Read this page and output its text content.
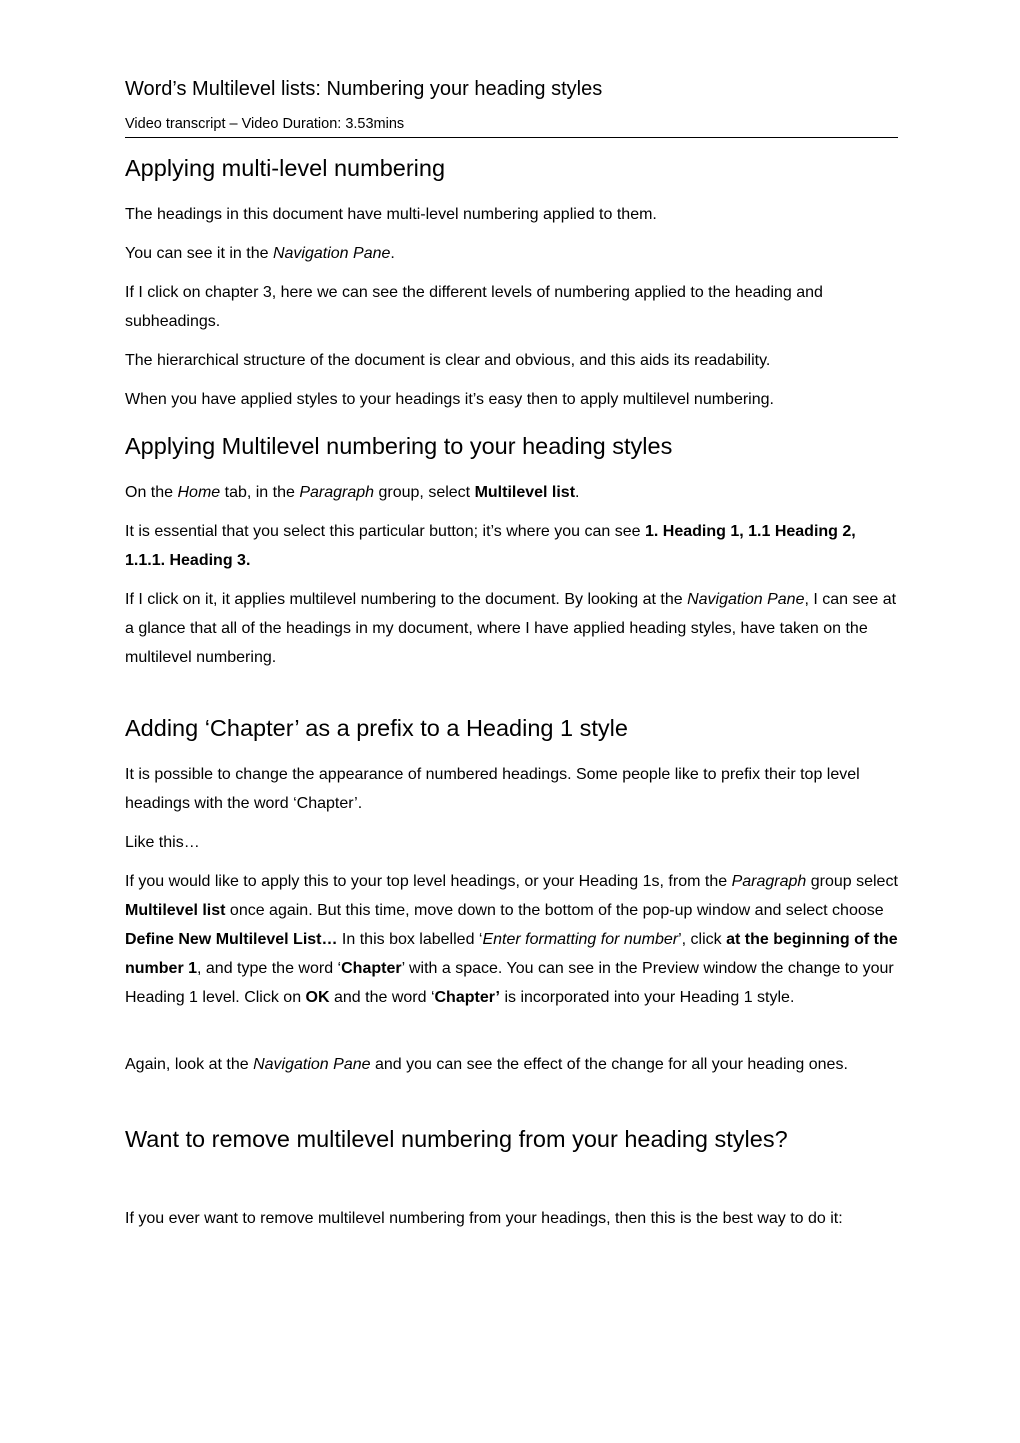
Word’s Multilevel lists: Numbering your heading styles
Video transcript – Video Duration: 3.53mins
Applying multi-level numbering

The headings in this document have multi-level numbering applied to them.

You can see it in the Navigation Pane.

If I click on chapter 3, here we can see the different levels of numbering applied to the heading and subheadings.

The hierarchical structure of the document is clear and obvious, and this aids its readability.

When you have applied styles to your headings it’s easy then to apply multilevel numbering.

Applying Multilevel numbering to your heading styles

On the Home tab, in the Paragraph group, select Multilevel list.

It is essential that you select this particular button; it’s where you can see 1. Heading 1, 1.1 Heading 2, 1.1.1. Heading 3.

If I click on it, it applies multilevel numbering to the document. By looking at the Navigation Pane, I can see at a glance that all of the headings in my document, where I have applied heading styles, have taken on the multilevel numbering.

Adding ‘Chapter’ as a prefix to a Heading 1 style

It is possible to change the appearance of numbered headings. Some people like to prefix their top level headings with the word ‘Chapter’.

Like this…

If you would like to apply this to your top level headings, or your Heading 1s, from the Paragraph group select Multilevel list once again. But this time, move down to the bottom of the pop-up window and select choose Define New Multilevel List… In this box labelled ‘Enter formatting for number’, click at the beginning of the number 1, and type the word ‘Chapter’ with a space. You can see in the Preview window the change to your Heading 1 level. Click on OK and the word ‘Chapter’ is incorporated into your Heading 1 style.

Again, look at the Navigation Pane and you can see the effect of the change for all your heading ones.

Want to remove multilevel numbering from your heading styles?

If you ever want to remove multilevel numbering from your headings, then this is the best way to do it:
